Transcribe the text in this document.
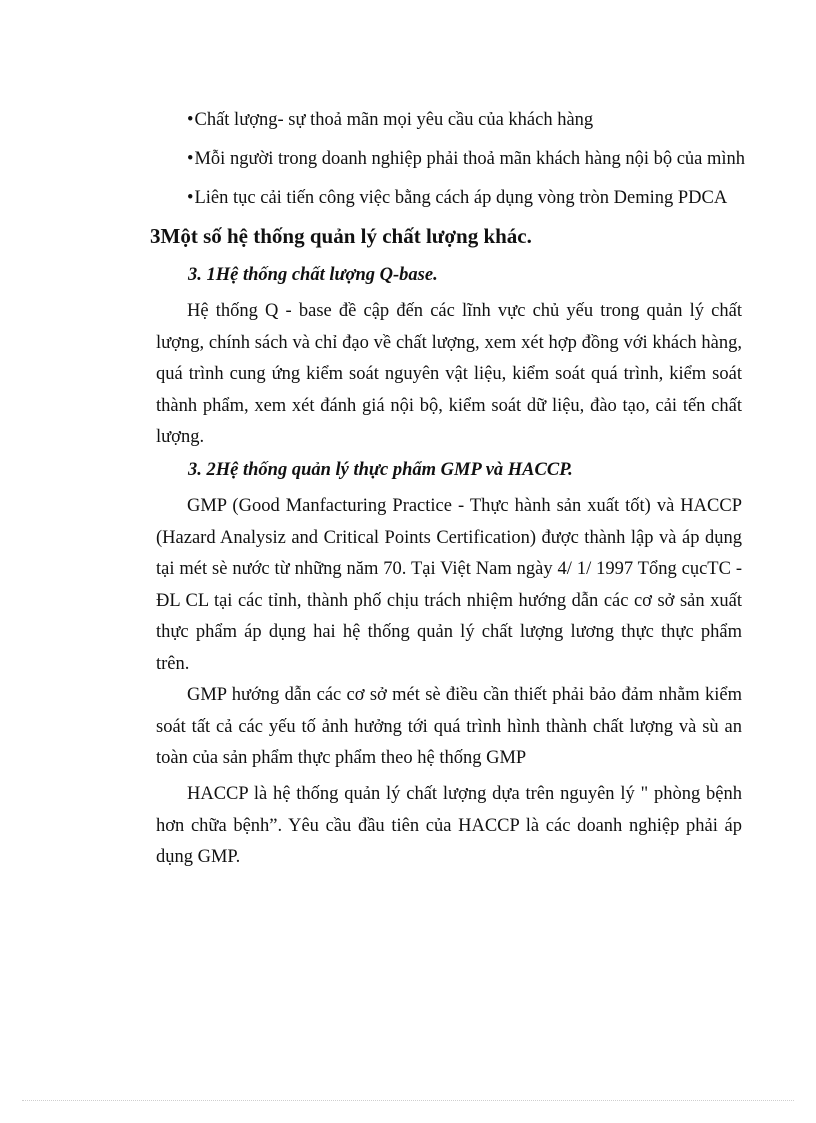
•Chất lượng- sự thoả mãn mọi yêu cầu của khách hàng
•Mỗi người trong doanh nghiệp phải thoả mãn khách hàng nội bộ của mình
•Liên tục cải tiến công việc bằng cách áp dụng vòng tròn Deming PDCA
3Một số hệ thống quản lý chất lượng khác.
3. 1Hệ thống chất lượng Q-base.

Hệ thống Q - base đề cập đến các lĩnh vực chủ yếu trong quản lý chất lượng, chính sách và chỉ đạo về chất lượng, xem xét hợp đồng với khách hàng, quá trình cung ứng kiểm soát nguyên vật liệu, kiểm soát quá trình, kiểm soát thành phẩm, xem xét đánh giá nội bộ, kiểm soát dữ liệu, đào tạo, cải tến chất lượng.

3. 2Hệ thống quản lý thực phẩm GMP và HACCP.

GMP (Good Manfacturing Practice - Thực hành sản xuất tốt) và HACCP (Hazard Analysiz and Critical Points Certification) được thành lập và áp dụng tại mét sè nước từ những năm 70. Tại Việt Nam ngày 4/ 1/ 1997 Tổng cụcTC - ĐL CL tại các tỉnh, thành phố chịu trách nhiệm hướng dẫn các cơ sở sản xuất thực phẩm áp dụng hai hệ thống quản lý chất lượng lương thực thực phẩm trên.

GMP hướng dẫn các cơ sở mét sè điều cần thiết phải bảo đảm nhằm kiểm soát tất cả các yếu tố ảnh hưởng tới quá trình hình thành chất lượng và sù an toàn của sản phẩm thực phẩm theo hệ thống GMP

HACCP là hệ thống quản lý chất lượng dựa trên nguyên lý " phòng bệnh hơn chữa bệnh”. Yêu cầu đầu tiên của HACCP là các doanh nghiệp phải áp dụng GMP.
